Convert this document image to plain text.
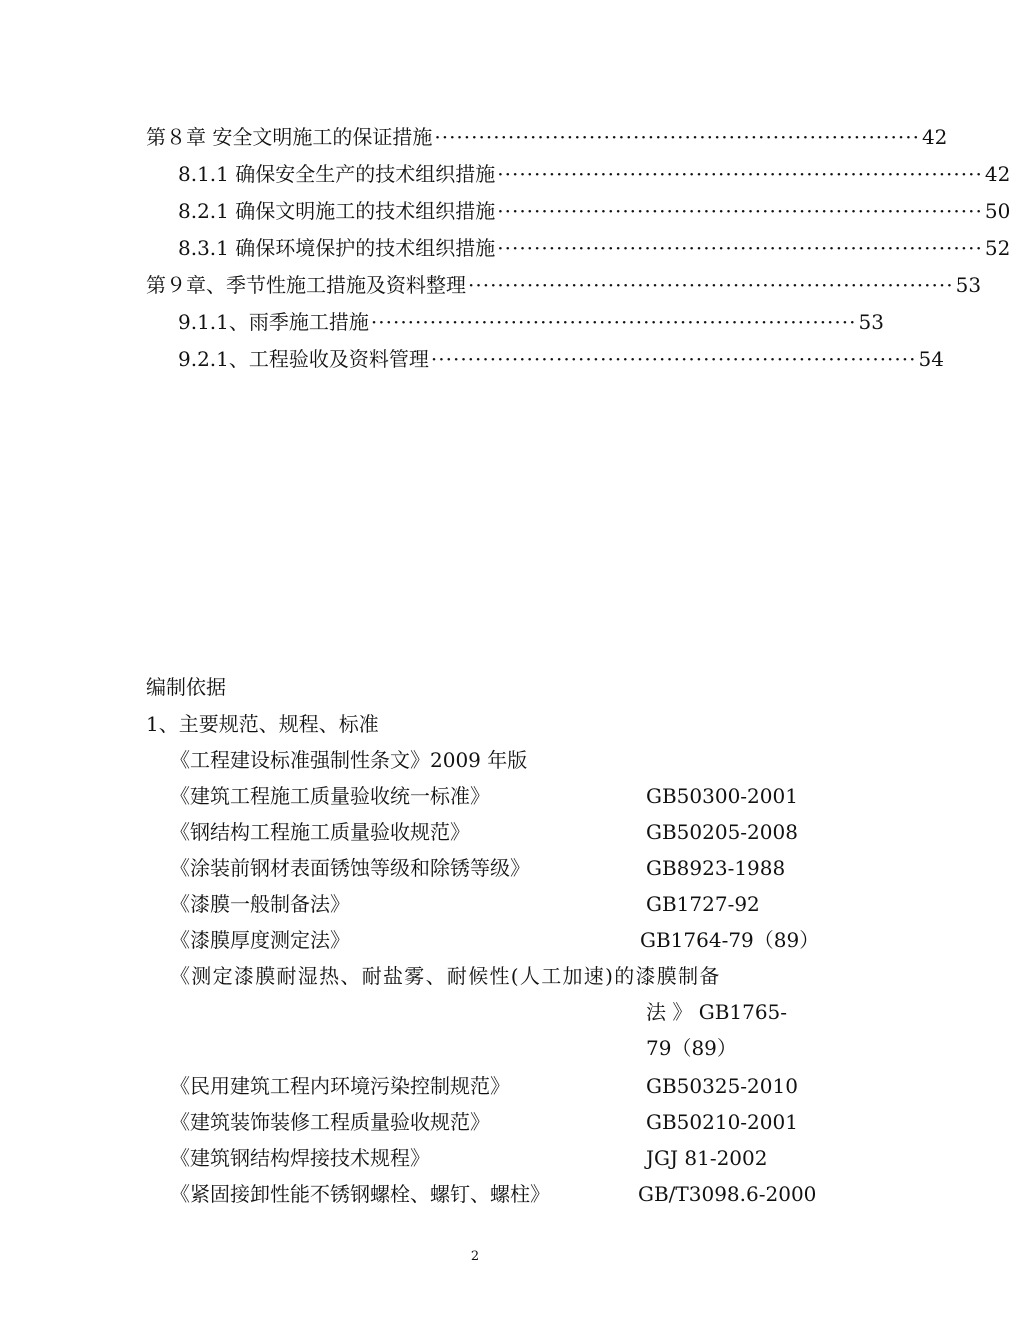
第８章 安全文明施工的保证措施 ·································································· 42
8.1.1 确保安全生产的技术组织措施 ·································································· 42
8.2.1 确保文明施工的技术组织措施 ·································································· 50
8.3.1 确保环境保护的技术组织措施 ·································································· 52
第９章、季节性施工措施及资料整理 ·································································· 53
9.1.1、雨季施工措施 ·································································· 53
9.2.1、工程验收及资料管理 ·································································· 54
编制依据
1、主要规范、规程、标准
《工程建设标准强制性条文》2009 年版
《建筑工程施工质量验收统一标准》	GB50300-2001
《钢结构工程施工质量验收规范》	GB50205-2008
《涂装前钢材表面锈蚀等级和除锈等级》	GB8923-1988
《漆膜一般制备法》	GB1727-92
《漆膜厚度测定法》	GB1764-79（89）
《测定漆膜耐湿热、耐盐雾、耐候性(人工加速)的漆膜制备
法 》 GB1765-
79（89）
《民用建筑工程内环境污染控制规范》	GB50325-2010
《建筑装饰装修工程质量验收规范》	GB50210-2001
《建筑钢结构焊接技术规程》	JGJ 81-2002
《紧固接卸性能不锈钢螺栓、螺钉、螺柱》	GB/T3098.6-2000
2
